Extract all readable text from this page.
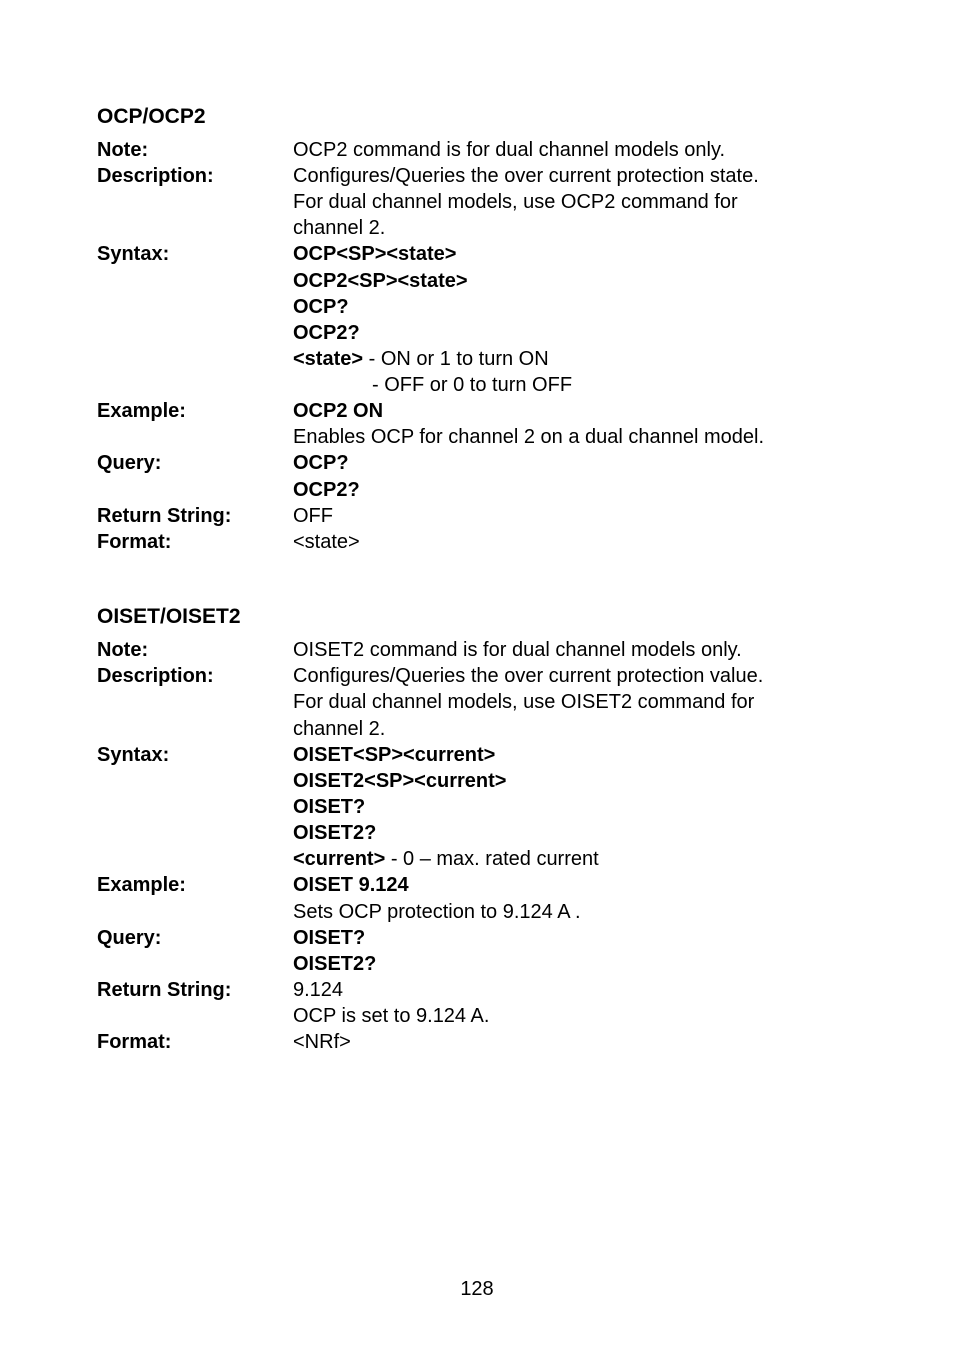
OCP/OCP2
Note:	OCP2 command is for dual channel models only.
Description:	Configures/Queries the over current protection state.
For dual channel models, use OCP2 command for
channel 2.
Syntax:	OCP<SP><state>
OCP2<SP><state>
OCP?
OCP2?
<state> - ON or 1 to turn ON
- OFF or 0 to turn OFF
Example:	OCP2 ON
Enables OCP for channel 2 on a dual channel model.
Query:	OCP?
OCP2?
Return String:	OFF
Format:	<state>
OISET/OISET2
Note:	OISET2 command is for dual channel models only.
Description:	Configures/Queries the over current protection value.
For dual channel models, use OISET2 command for
channel 2.
Syntax:	OISET<SP><current>
OISET2<SP><current>
OISET?
OISET2?
<current> - 0 – max. rated current
Example:	OISET 9.124
Sets OCP protection to 9.124 A .
Query:	OISET?
OISET2?
Return String:	9.124
OCP is set to 9.124 A.
Format:	<NRf>
128
